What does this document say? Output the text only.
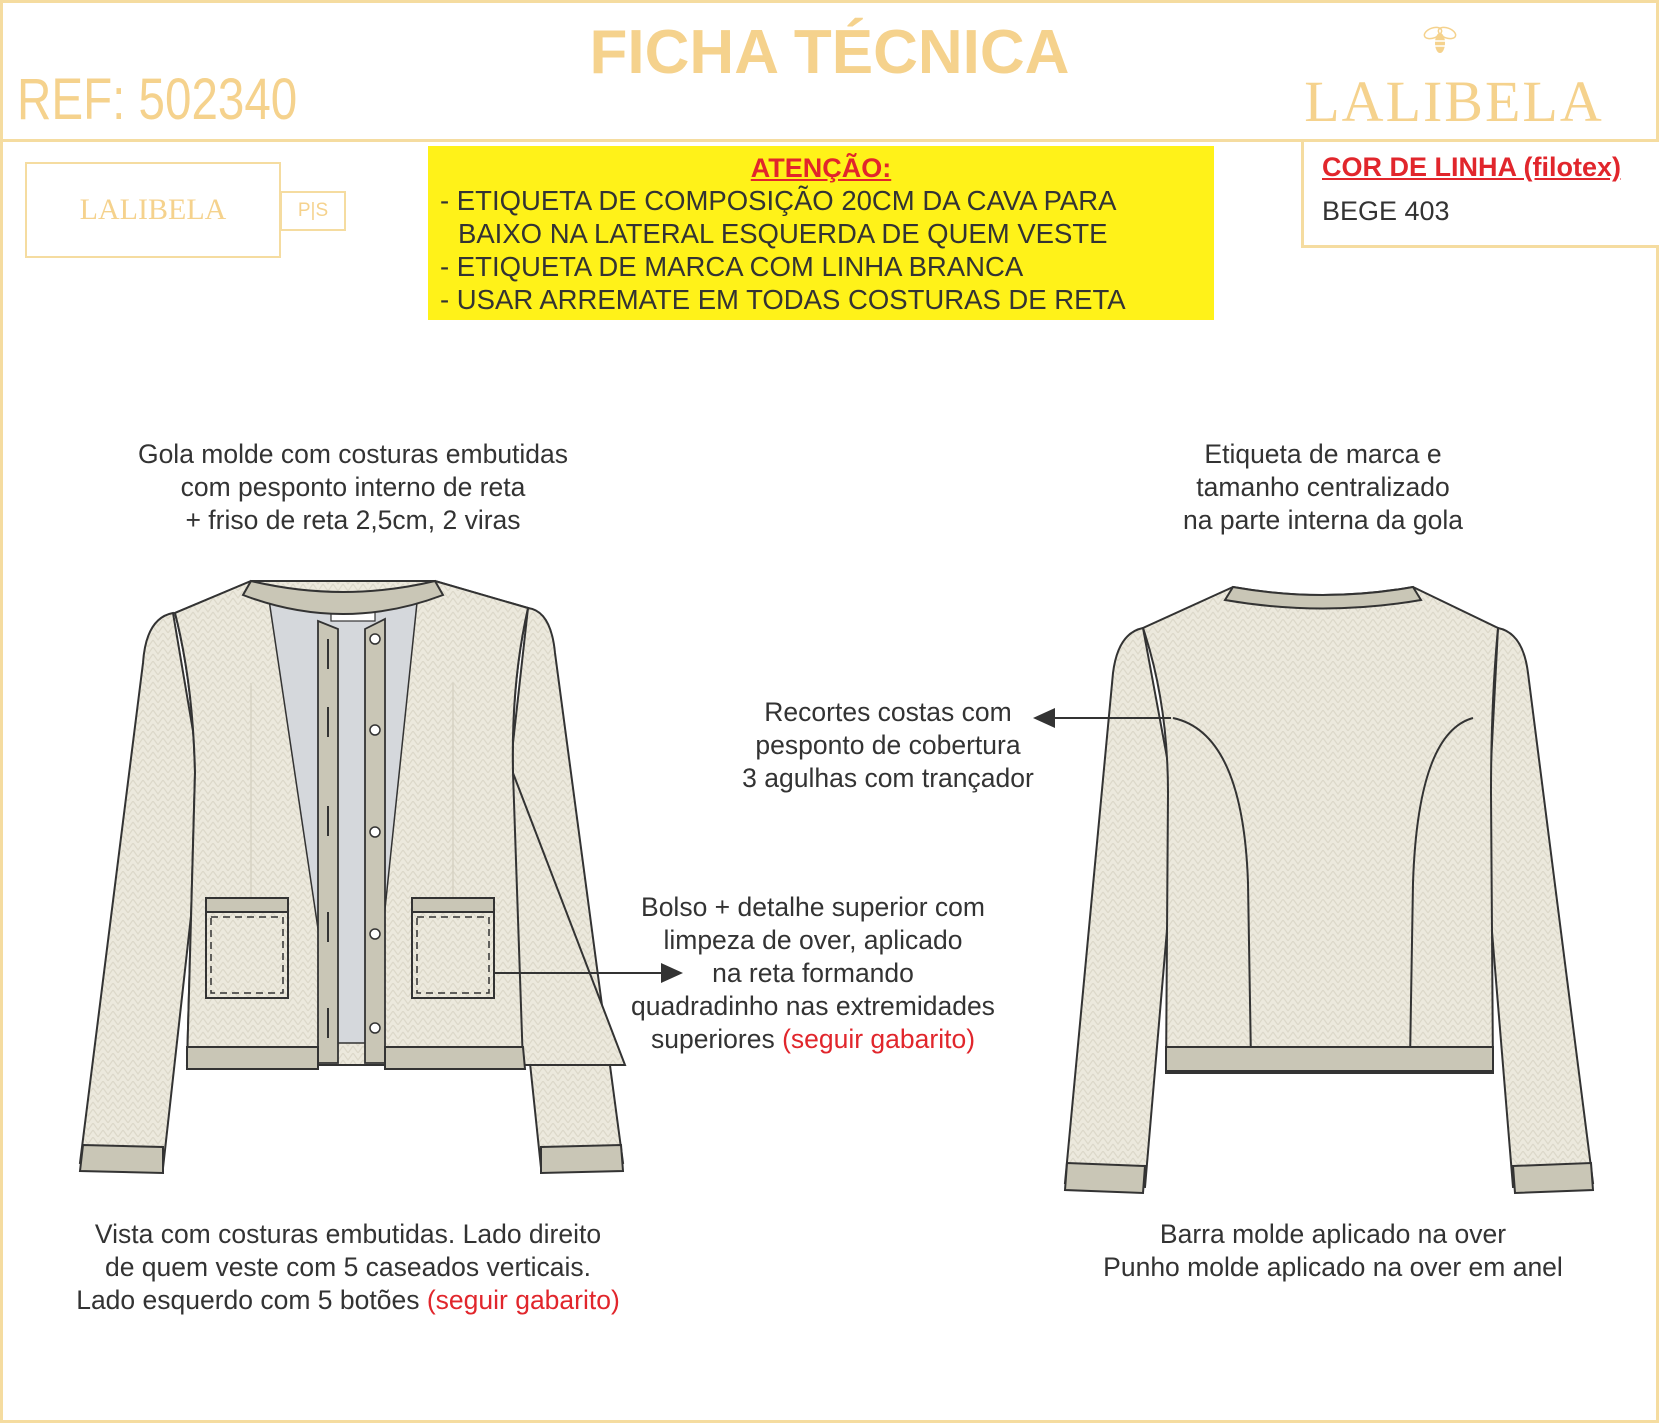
FICHA TÉCNICA
REF: 502340	LALIBELA
LALIBELA	P|S
ATENÇÃO:
- ETIQUETA DE COMPOSIÇÃO 20CM DA CAVA PARA
BAIXO NA LATERAL ESQUERDA DE QUEM VESTE
- ETIQUETA DE MARCA COM LINHA BRANCA
- USAR ARREMATE EM TODAS COSTURAS DE RETA
COR DE LINHA (filotex)
BEGE 403
Gola molde com costuras embutidas
com pesponto interno de reta
+ friso de reta 2,5cm, 2 viras
Etiqueta de marca e
tamanho centralizado
na parte interna da gola
Recortes costas com
pesponto de cobertura
3 agulhas com trançador
Bolso + detalhe superior com
limpeza de over, aplicado
na reta formando
quadradinho nas extremidades
superiores (seguir gabarito)
Vista com costuras embutidas. Lado direito
de quem veste com 5 caseados verticais.
Lado esquerdo com 5 botões (seguir gabarito)
Barra molde aplicado na over
Punho molde aplicado na over em anel
